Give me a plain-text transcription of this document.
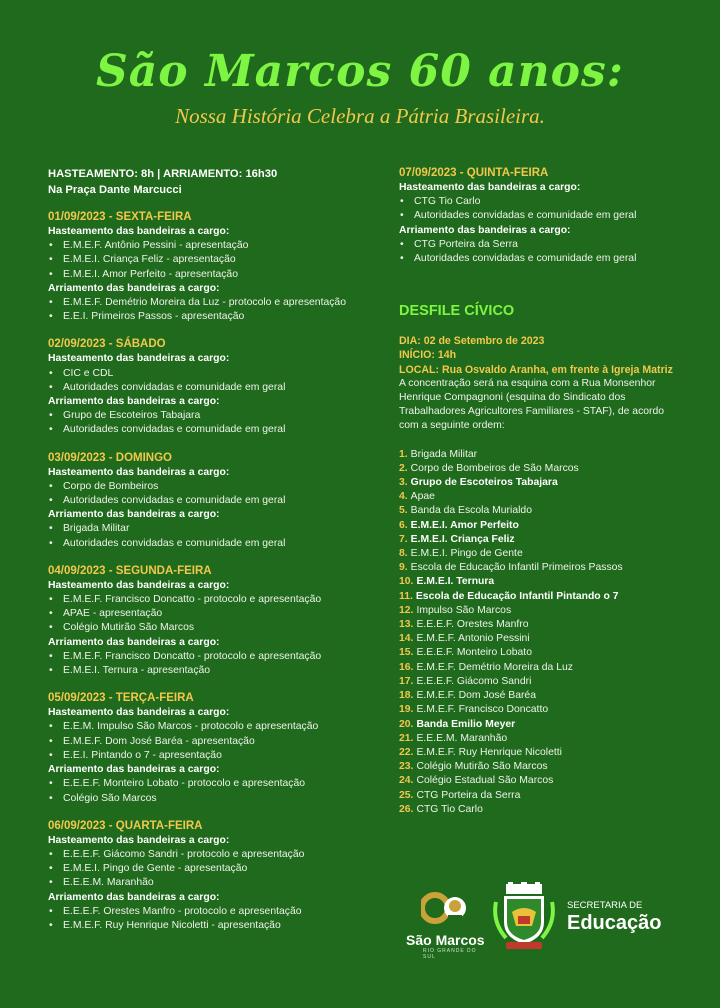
São Marcos 60 anos:
Nossa História Celebra a Pátria Brasileira.
HASTEAMENTO: 8h | ARRIAMENTO: 16h30
Na Praça Dante Marcucci
01/09/2023 - SEXTA-FEIRA
Hasteamento das bandeiras a cargo:
• E.M.E.F. Antônio Pessini - apresentação
• E.M.E.I. Criança Feliz - apresentação
• E.M.E.I. Amor Perfeito - apresentação
Arriamento das bandeiras a cargo:
• E.M.E.F. Demétrio Moreira da Luz - protocolo e apresentação
• E.E.I. Primeiros Passos - apresentação
02/09/2023 - SÁBADO
Hasteamento das bandeiras a cargo:
• CIC e CDL
• Autoridades convidadas e comunidade em geral
Arriamento das bandeiras a cargo:
• Grupo de Escoteiros Tabajara
• Autoridades convidadas e comunidade em geral
03/09/2023 - DOMINGO
Hasteamento das bandeiras a cargo:
• Corpo de Bombeiros
• Autoridades convidadas e comunidade em geral
Arriamento das bandeiras a cargo:
• Brigada Militar
• Autoridades convidadas e comunidade em geral
04/09/2023 - SEGUNDA-FEIRA
Hasteamento das bandeiras a cargo:
• E.M.E.F. Francisco Doncatto - protocolo e apresentação
• APAE - apresentação
• Colégio Mutirão São Marcos
Arriamento das bandeiras a cargo:
• E.M.E.F. Francisco Doncatto - protocolo e apresentação
• E.M.E.I. Ternura - apresentação
05/09/2023 - TERÇA-FEIRA
Hasteamento das bandeiras a cargo:
• E.E.M. Impulso São Marcos - protocolo e apresentação
• E.M.E.F. Dom José Baréa - apresentação
• E.E.I. Pintando o 7 - apresentação
Arriamento das bandeiras a cargo:
• E.E.E.F. Monteiro Lobato - protocolo e apresentação
• Colégio São Marcos
06/09/2023 - QUARTA-FEIRA
Hasteamento das bandeiras a cargo:
• E.E.E.F. Giácomo Sandri - protocolo e apresentação
• E.M.E.I. Pingo de Gente - apresentação
• E.E.E.M. Maranhão
Arriamento das bandeiras a cargo:
• E.E.E.F. Orestes Manfro - protocolo e apresentação
• E.M.E.F. Ruy Henrique Nicoletti - apresentação
07/09/2023 - QUINTA-FEIRA
Hasteamento das bandeiras a cargo:
• CTG Tio Carlo
• Autoridades convidadas e comunidade em geral
Arriamento das bandeiras a cargo:
• CTG Porteira da Serra
• Autoridades convidadas e comunidade em geral
DESFILE CÍVICO
DIA: 02 de Setembro de 2023
INÍCIO: 14h
LOCAL: Rua Osvaldo Aranha, em frente à Igreja Matriz
A concentração será na esquina com a Rua Monsenhor Henrique Compagnoni (esquina do Sindicato dos Trabalhadores Agricultores Familiares - STAF), de acordo com a seguinte ordem:
1. Brigada Militar
2. Corpo de Bombeiros de São Marcos
3. Grupo de Escoteiros Tabajara
4. Apae
5. Banda da Escola Murialdo
6. E.M.E.I. Amor Perfeito
7. E.M.E.I. Criança Feliz
8. E.M.E.I. Pingo de Gente
9. Escola de Educação Infantil Primeiros Passos
10. E.M.E.I. Ternura
11. Escola de Educação Infantil Pintando o 7
12. Impulso São Marcos
13. E.E.E.F. Orestes Manfro
14. E.M.E.F. Antonio Pessini
15. E.E.E.F. Monteiro Lobato
16. E.M.E.F. Demétrio Moreira da Luz
17. E.E.E.F. Giácomo Sandri
18. E.M.E.F. Dom José Baréa
19. E.M.E.F. Francisco Doncatto
20. Banda Emilio Meyer
21. E.E.E.M. Maranhão
22. E.M.E.F. Ruy Henrique Nicoletti
23. Colégio Mutirão São Marcos
24. Colégio Estadual São Marcos
25. CTG Porteira da Serra
26. CTG Tio Carlo
São Marcos
RIO GRANDE DO SUL
SECRETARIA DE
Educação
